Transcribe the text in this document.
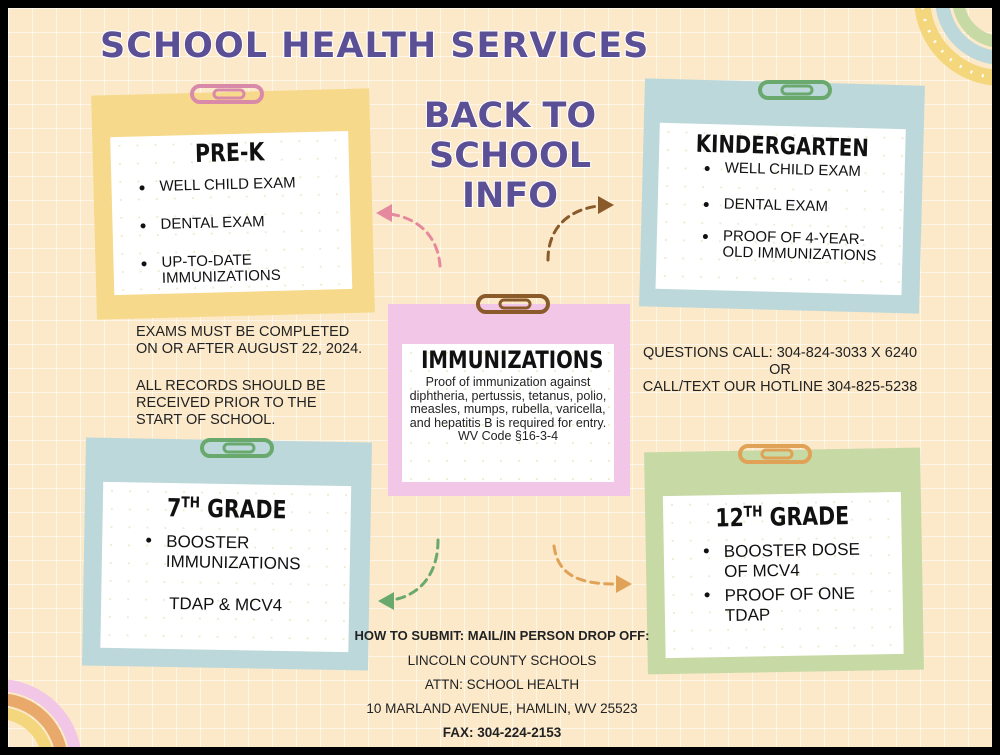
SCHOOL HEALTH SERVICES
BACK TO
SCHOOL
INFO
PRE-K
WELL CHILD EXAM
DENTAL EXAM
UP-TO-DATE IMMUNIZATIONS
KINDERGARTEN
WELL CHILD EXAM
DENTAL EXAM
PROOF OF 4-YEAR-OLD IMMUNIZATIONS
IMMUNIZATIONS
Proof of immunization against diphtheria, pertussis, tetanus, polio, measles, mumps, rubella, varicella, and hepatitis B is required for entry.
WV Code §16-3-4
7TH GRADE
BOOSTER IMMUNIZATIONS
TDAP & MCV4
12TH GRADE
BOOSTER DOSE OF MCV4
PROOF OF ONE TDAP
EXAMS MUST BE COMPLETED ON OR AFTER AUGUST 22, 2024.
ALL RECORDS SHOULD BE RECEIVED PRIOR TO THE START OF SCHOOL.
QUESTIONS CALL: 304-824-3033 X 6240
OR
CALL/TEXT OUR HOTLINE 304-825-5238
HOW TO SUBMIT: MAIL/IN PERSON DROP OFF:
LINCOLN COUNTY SCHOOLS
ATTN: SCHOOL HEALTH
10 MARLAND AVENUE, HAMLIN, WV 25523
FAX: 304-224-2153
